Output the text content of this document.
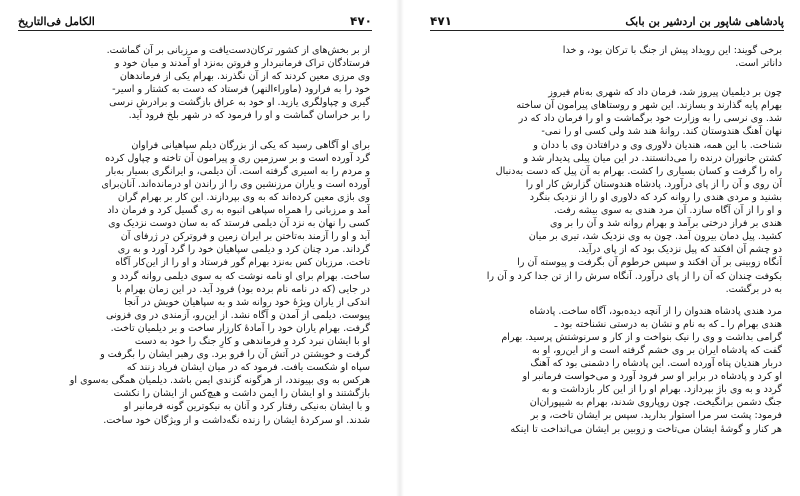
الکامل فی‌التاریخ	۴۷۰
از بر بخش‌های از کشور ترکان‌دست‌یافت و مرزبانی بر آن گماشت.
فرستادگان تراک فرمانبردار و فروتن به‌نزد او آمدند و میان خود و
وی مرزی معین کردند که از آن نگذرند. بهرام یکی از فرماندهان
خود را به فرارود (ماوراءالنهر) فرستاد که دست به کشتار و اسیر-
گیری و چپاولگری یازید. او خود به عراق بازگشت و برادرش نرسی
را بر خراسان گماشت و او را فرمود که در شهر بلخ فرود آید.
برای او آگاهی رسید که یکی از بزرگان دیلم سپاهیانی فراوان
گرد آورده است و بر سرزمین ری و پیرامون آن تاخته و چپاول کرده
و مردم را به اسیری گرفته است. آن دیلمی، و ایرانگری بسیار به‌بار
آورده است و یاران مرزنشین وی را از راندن او درمانده‌اند. آنان‌برای
وی باژی معین کرده‌اند که به وی بپردازند. این کار بر بهرام گران
آمد و مرزبانی را همراه سپاهی انبوه به ری گسیل کرد و فرمان داد
کسی را نهان به نزد آن دیلمی فرستد که به سان دوست نزدیک وی
آید و او را آزمند به‌تاختن بر ایران زمین و فروترکن در ژرفای آن
گرداند. مرد چنان کرد و دیلمی سپاهیان خود را گرد آورد و به ری
تاخت. مرزبان کس به‌نزد بهرام گور فرستاد و او را از این‌کار آگاه
ساخت. بهرام برای او نامه نوشت که به سوی دیلمی روانه گردد و
در جایی (که در نامه نام برده بود) فرود آید. در این زمان بهرام با
اندکی از یاران ویژهٔ خود روانه شد و به سپاهیان خویش در آنجا
پیوست. دیلمی از آمدن و آگاه نشد. از این‌رو، آزمندی در وی فزونی
گرفت. بهرام یاران خود را آمادهٔ کارزار ساخت و بر دیلمیان تاخت.
او با ایشان نبرد کرد و فرماندهی و کارِ جنگ را خود به دست
گرفت و خویشتن در آتش آن را فرو برد. وی رهبر ایشان را بگرفت و
سپاه او شکست یافت. فرمود که در میان ایشان فریاد زنند که
هرکس به وی بپیوندد، از هرگونه گزندی ایمن باشد. دیلمیان همگی به‌سوی او
بازگشتند و او ایشان را ایمن داشت و هیچ‌کس از ایشان را نکشت
و با ایشان به‌نیکی رفتار کرد و آنان به نیکوترین گونه فرمانبر او
شدند. او سرکردهٔ ایشان را زنده نگه‌داشت و از ویژگان خود ساخت.
۴۷۱	پادشاهی شاپور بن اردشیر بن بابک
برخی گویند: این رویداد پیش از جنگ با ترکان بود، و خدا
داناتر است.
چون بر دیلمیان پیروز شد، فرمان داد که شهری به‌نام فیروز
بهرام پایه گذارند و بسازند. این شهر و روستاهای پیرامون آن ساخته
شد. وی نرسی را به وزارت خود برگماشت و او را فرمان داد که در
نهان آهنگ هندوستان کند. روانهٔ هند شد ولی کسی او را نمی-
شناخت. با این همه، هندیان دلاوری وی و درافتادن وی با ددان و
کشتن جانوران درنده را می‌دانستند. در این میان پیلی پدیدار شد و
راه را گرفت و کسان بسیاری را کشت. بهرام به آن پیل که دست به‌دنبال
آن روی و آن را از پای درآورد. پادشاه هندوستان گزارش کار او را
بشنید و مردی هندی را روانه کرد که دلاوری او را از نزدیک بنگرد
و او را از آن آگاه سازد. آن مرد هندی به سوی بیشه رفت.
هندی بر فراز درختی برآمد و بهرام روانه شد و آن را بر وی
کشید. پیل دمان بیرون آمد. چون به وی نزدیک شد، تیری بر میان
دو چشم آن افکند که پیل نزدیک بود که از پای درآید.
آنگاه زوبینی بر آن افکند و سپس خرطوم آن بگرفت و پیوسته آن را
بکوفت چندان که آن را از پای درآورد. آنگاه سرش را از تن جدا کرد و آن را
به در برگشت.
مرد هندی پادشاه هندوان را از آنچه دیده‌بود، آگاه ساخت. پادشاه
هندی بهرام را ـ که به نام و نشان به درستی نشناخته بود ـ
گرامی بداشت و وی را نیک بنواخت و از کار و سرنوشتش پرسید. بهرام
گفت که پادشاه ایران بر وی خشم گرفته است و از این‌رو، او به
دربار هندیان پناه آورده است. این پادشاه را دشمنی بود که آهنگ
او کرد و پادشاه در برابر او سر فرود آورد و می‌خواست فرمانبر او
گردد و به وی باژ بپردازد. بهرام او را از این کار بازداشت و به
جنگ دشمن برانگیخت. چون روپاروی شدند، بهرام به شیپوران‌ان
فرمود: پشت سر مرا استوار بدارید. سپس بر ایشان تاخت، و بر
هر کنار و گوشهٔ ایشان می‌تاخت و زوبین بر ایشان می‌انداخت تا اینکه
